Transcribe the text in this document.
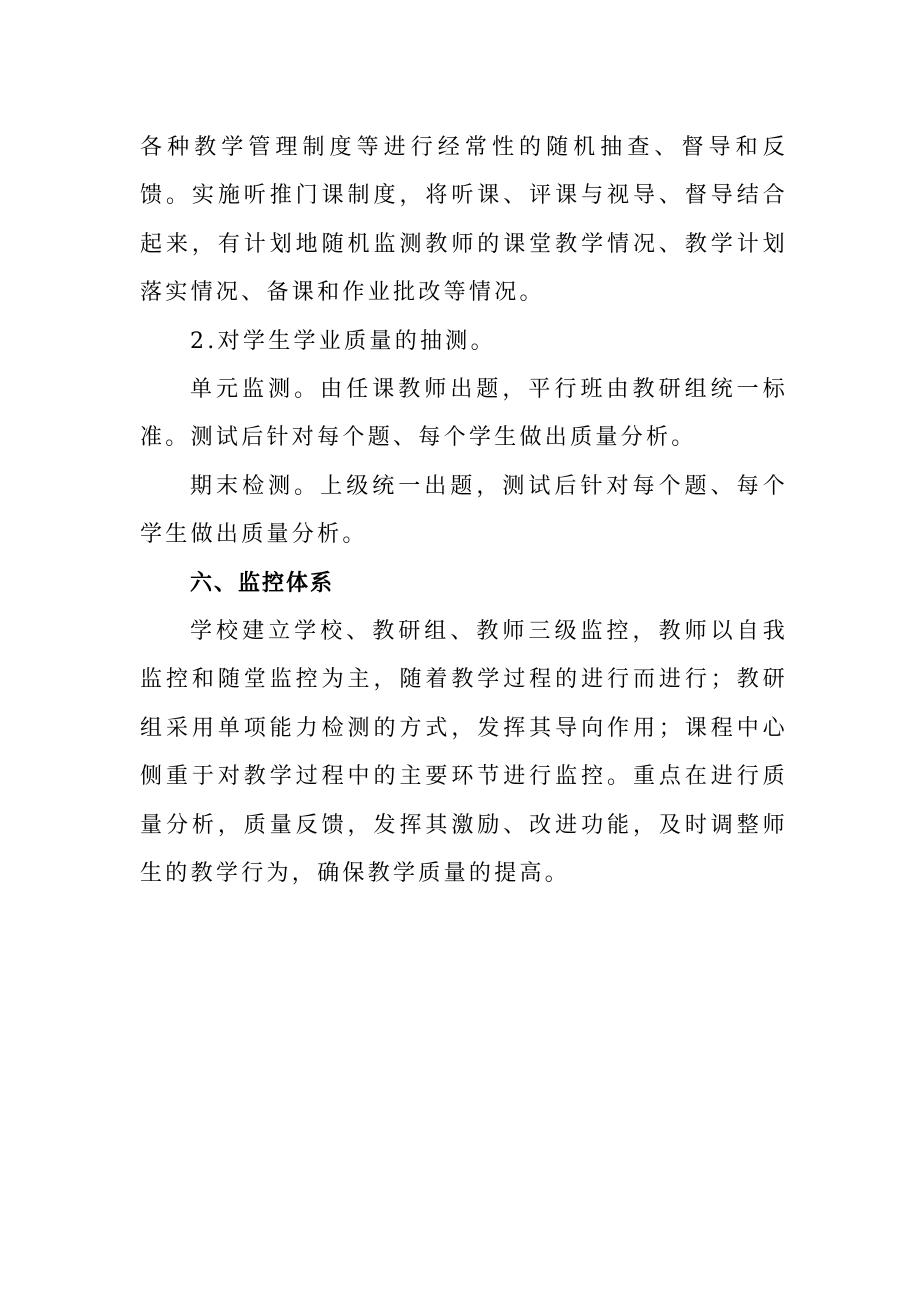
各种教学管理制度等进行经常性的随机抽查、督导和反馈。实施听推门课制度，将听课、评课与视导、督导结合起来，有计划地随机监测教师的课堂教学情况、教学计划落实情况、备课和作业批改等情况。

2.对学生学业质量的抽测。

单元监测。由任课教师出题，平行班由教研组统一标准。测试后针对每个题、每个学生做出质量分析。

期末检测。上级统一出题，测试后针对每个题、每个学生做出质量分析。

六、监控体系

学校建立学校、教研组、教师三级监控，教师以自我监控和随堂监控为主，随着教学过程的进行而进行；教研组采用单项能力检测的方式，发挥其导向作用；课程中心侧重于对教学过程中的主要环节进行监控。重点在进行质量分析，质量反馈，发挥其激励、改进功能，及时调整师生的教学行为，确保教学质量的提高。
